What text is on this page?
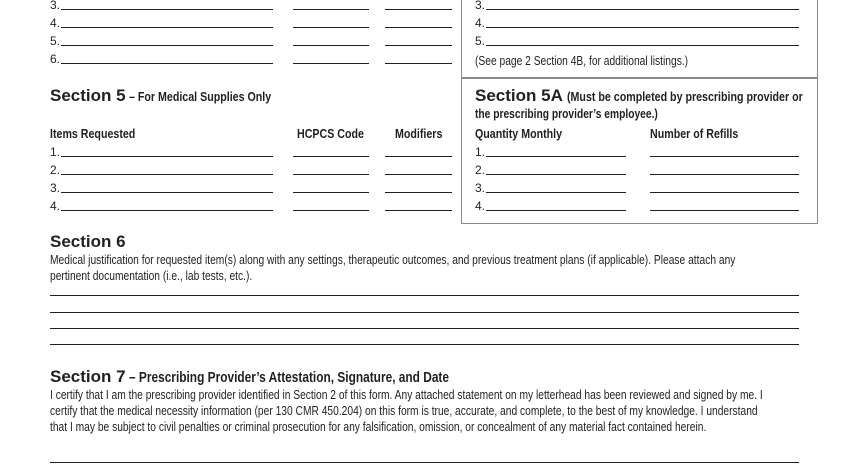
3.
4.
5.
6.
3.
4.
5.
(See page 2 Section 4B, for additional listings.)
Section 5 – For Medical Supplies Only
Items Requested	HCPCS Code	Modifiers
1.
2.
3.
4.
Section 5A (Must be completed by prescribing provider or
the prescribing provider’s employee.)
Quantity Monthly	Number of Refills
1.
2.
3.
4.
Section 6
Medical justification for requested item(s) along with any settings, therapeutic outcomes, and previous treatment plans (if applicable). Please attach any
pertinent documentation (i.e., lab tests, etc.).
Section 7 – Prescribing Provider’s Attestation, Signature, and Date
I certify that I am the prescribing provider identified in Section 2 of this form. Any attached statement on my letterhead has been reviewed and signed by me. I
certify that the medical necessity information (per 130 CMR 450.204) on this form is true, accurate, and complete, to the best of my knowledge. I understand
that I may be subject to civil penalties or criminal prosecution for any falsification, omission, or concealment of any material fact contained herein.
